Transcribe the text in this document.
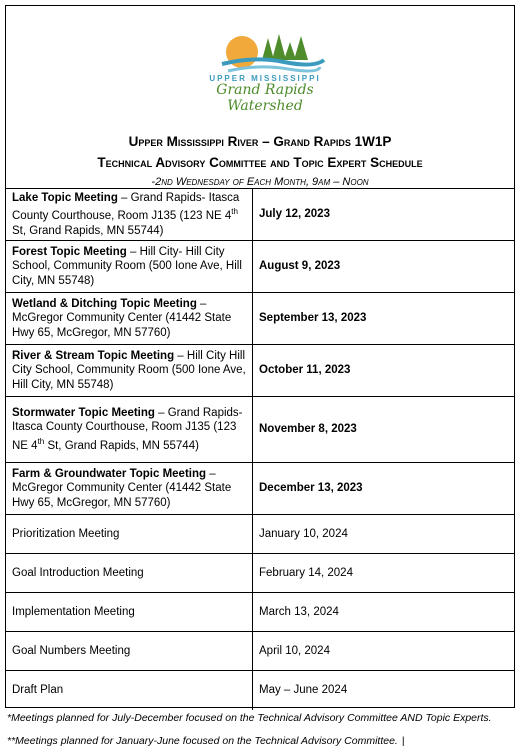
UPPER MISSISSIPPI
Grand Rapids Watershed
Upper Mississippi River – Grand Rapids 1W1P
Technical Advisory Committee and Topic Expert Schedule
-2nd Wednesday of Each Month, 9am – Noon
Lake Topic Meeting – Grand Rapids- Itasca County Courthouse, Room J135 (123 NE 4th St, Grand Rapids, MN 55744)	July 12, 2023
Forest Topic Meeting – Hill City- Hill City School, Community Room (500 Ione Ave, Hill City, MN 55748)	August 9, 2023
Wetland & Ditching Topic Meeting – McGregor Community Center (41442 State Hwy 65, McGregor, MN 57760)	September 13, 2023
River & Stream Topic Meeting – Hill City Hill City School, Community Room (500 Ione Ave, Hill City, MN 55748)	October 11, 2023
Stormwater Topic Meeting – Grand Rapids- Itasca County Courthouse, Room J135 (123 NE 4th St, Grand Rapids, MN 55744)	November 8, 2023
Farm & Groundwater Topic Meeting – McGregor Community Center (41442 State Hwy 65, McGregor, MN 57760)	December 13, 2023
Prioritization Meeting	January 10, 2024
Goal Introduction Meeting	February 14, 2024
Implementation Meeting	March 13, 2024
Goal Numbers Meeting	April 10, 2024
Draft Plan	May – June 2024
*Meetings planned for July-December focused on the Technical Advisory Committee AND Topic Experts.
**Meetings planned for January-June focused on the Technical Advisory Committee. |
